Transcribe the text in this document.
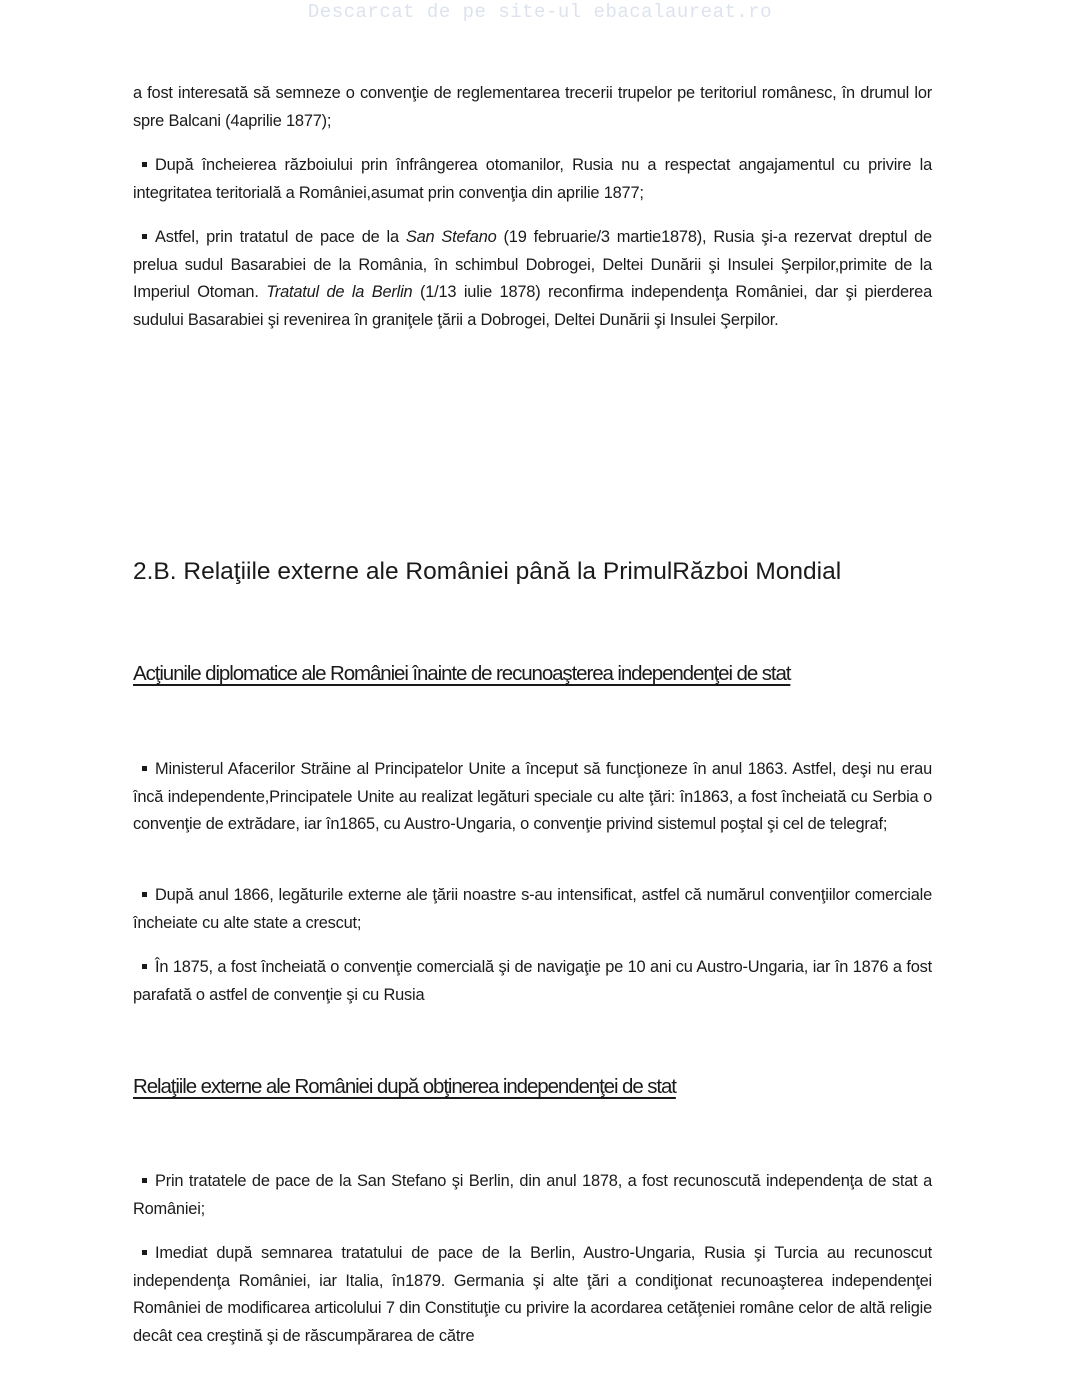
Descarcat de pe site-ul ebacalaureat.ro

a fost interesată să semneze o convenţie de reglementarea trecerii trupelor pe teritoriul românesc, în drumul lor spre Balcani (4aprilie 1877);

După încheierea războiului prin înfrângerea otomanilor, Rusia nu a respectat angajamentul cu privire la integritatea teritorială a României,asumat prin convenţia din aprilie 1877;

Astfel, prin tratatul de pace de la San Stefano (19 februarie/3 martie1878), Rusia şi-a rezervat dreptul de prelua sudul Basarabiei de la România, în schimbul Dobrogei, Deltei Dunării şi Insulei Şerpilor,primite de la Imperiul Otoman. Tratatul de la Berlin (1/13 iulie 1878) reconfirma independenţa României, dar şi pierderea sudului Basarabiei şi revenirea în graniţele ţării a Dobrogei, Deltei Dunării şi Insulei Şerpilor.

2.B. Relaţiile externe ale României până la PrimulRăzboi Mondial
Acţiunile diplomatice ale României înainte de recunoaşterea independenţei de stat

Ministerul Afacerilor Străine al Principatelor Unite a început să funcţioneze în anul 1863. Astfel, deşi nu erau încă independente,Principatele Unite au realizat legături speciale cu alte ţări: în1863, a fost încheiată cu Serbia o convenţie de extrădare, iar în1865, cu Austro-Ungaria, o convenţie privind sistemul poştal şi cel de telegraf;

După anul 1866, legăturile externe ale ţării noastre s-au intensificat, astfel că numărul convenţiilor comerciale încheiate cu alte state a crescut;

În 1875, a fost încheiată o convenţie comercială şi de navigaţie pe 10 ani cu Austro-Ungaria, iar în 1876 a fost parafată o astfel de convenţie şi cu Rusia

Relaţiile externe ale României după obţinerea independenţei de stat

Prin tratatele de pace de la San Stefano şi Berlin, din anul 1878, a fost recunoscută independenţa de stat a României;

Imediat după semnarea tratatului de pace de la Berlin, Austro-Ungaria, Rusia şi Turcia au recunoscut independenţa României, iar Italia, în1879. Germania şi alte ţări a condiţionat recunoaşterea independenţei României de modificarea articolului 7 din Constituţie cu privire la acordarea cetăţeniei române celor de altă religie decât cea creştină şi de răscumpărarea de către
